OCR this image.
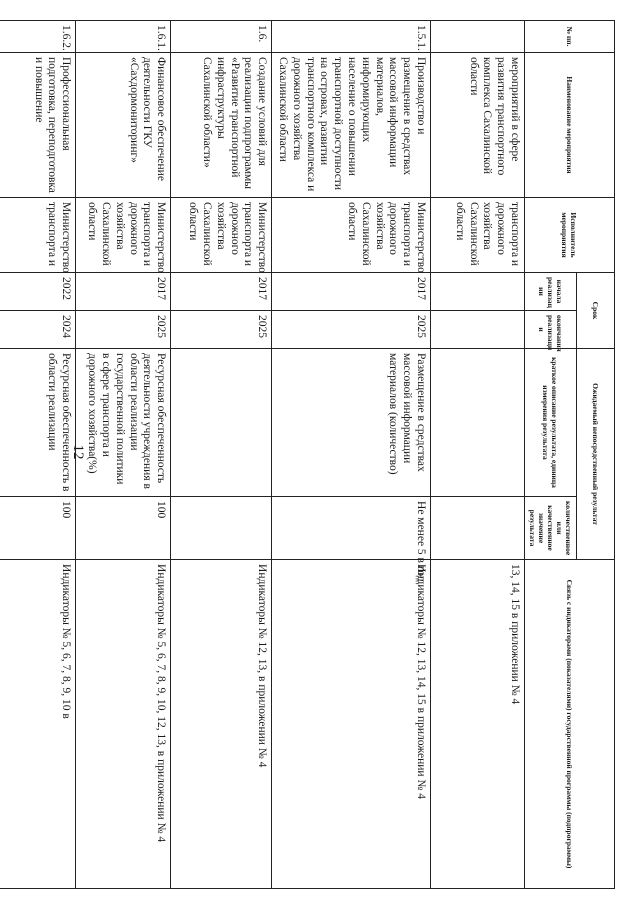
12
№ пп.	Наименование мероприятия	Исполнитель мероприятия	Срок		Ожидаемый непосредственный результат		Связь с индикаторами (показателями) государственной программы (подпрограммы)
			начала реализац ии	окончания реализаци и	краткое описание результата, единица измерения результата	количественное или качественное значение результата	
	мероприятий в сфере развития транспортного комплекса Сахалинской области	транспорта и дорожного хозяйства Сахалинской области					13, 14, 15 в приложении № 4
1.5.1.	Производство и размещение в средствах массовой информации материалов, информирующих население о повышении транспортной доступности на островах, развитии транспортного комплекса и дорожного хозяйства Сахалинской области	Министерство транспорта и дорожного хозяйства Сахалинской области	2017	2025	Размещение в средствах массовой информации материалов (количество)	Не менее 5 в год	Индикаторы № 12, 13, 14, 15 в приложении № 4
1.6.	Создание условий для реализации подпрограммы «Развитие транспортной инфраструктуры Сахалинской области»	Министерство транспорта и дорожного хозяйства Сахалинской области	2017	2025			Индикаторы № 12, 13, в приложении № 4
1.6.1.	Финансовое обеспечение деятельности ГКУ «Сахдормониторинг»	Министерство транспорта и дорожного хозяйства Сахалинской области	2017	2025	Ресурсная обеспеченность деятельности учреждения в области реализации государственной политики в сфере транспорта и дорожного хозяйства(%)	100	Индикаторы № 5, 6, 7, 8, 9, 10, 12, 13, в приложении № 4
1.6.2.	Профессиональная подготовка, переподготовка и повышение	Министерство транспорта и	2022	2024	Ресурсная обеспеченность в области реализации	100	Индикаторы № 5, 6, 7, 8, 9, 10 в
